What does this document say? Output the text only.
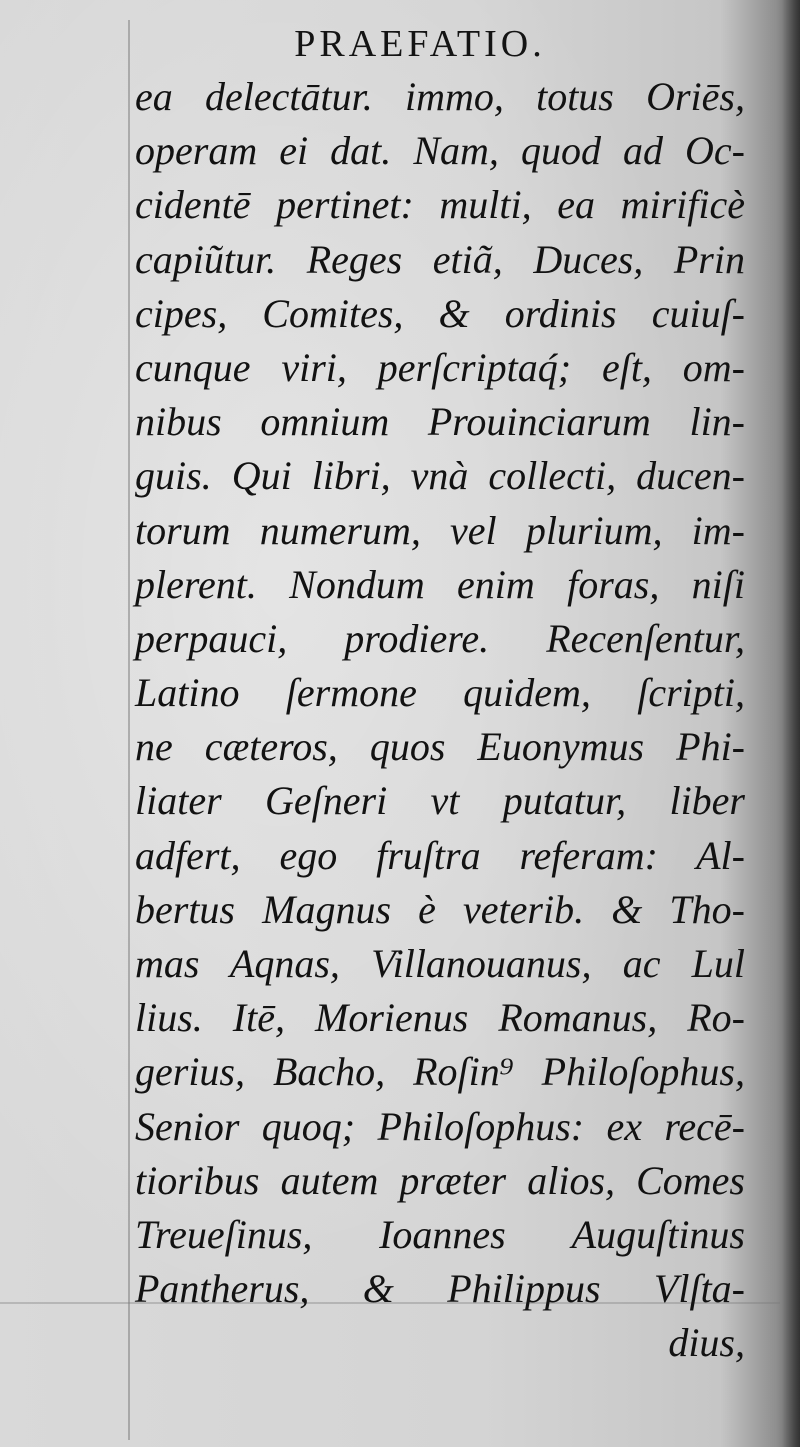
PRAEFATIO.
ea delectātur. immo, totus Oriēs,
operam ei dat. Nam, quod ad Oc-
cidentē pertinet: multi, ea mirificè
capiũtur. Reges etiã, Duces, Prin
cipes, Comites, & ordinis cuiuſ-
cunque viri, perſcriptaq́; eſt, om-
nibus omnium Prouinciarum lin-
guis. Qui libri, vnà collecti, ducen-
torum numerum, vel plurium, im-
plerent. Nondum enim foras, niſi
perpauci, prodiere. Recenſentur,
Latino ſermone quidem, ſcripti,
ne cæteros, quos Euonymus Phi-
liater Geſneri vt putatur, liber
adfert, ego fruſtra referam: Al-
bertus Magnus è veterib. & Tho-
mas Aqnas, Villanouanus, ac Lul
lius. Itē, Morienus Romanus, Ro-
gerius, Bacho, Roſin⁹ Philoſophus,
Senior quoq; Philoſophus: ex recē-
tioribus autem præter alios, Comes
Treueſinus, Ioannes Auguſtinus
Pantherus, & Philippus Vlſta-
dius,
